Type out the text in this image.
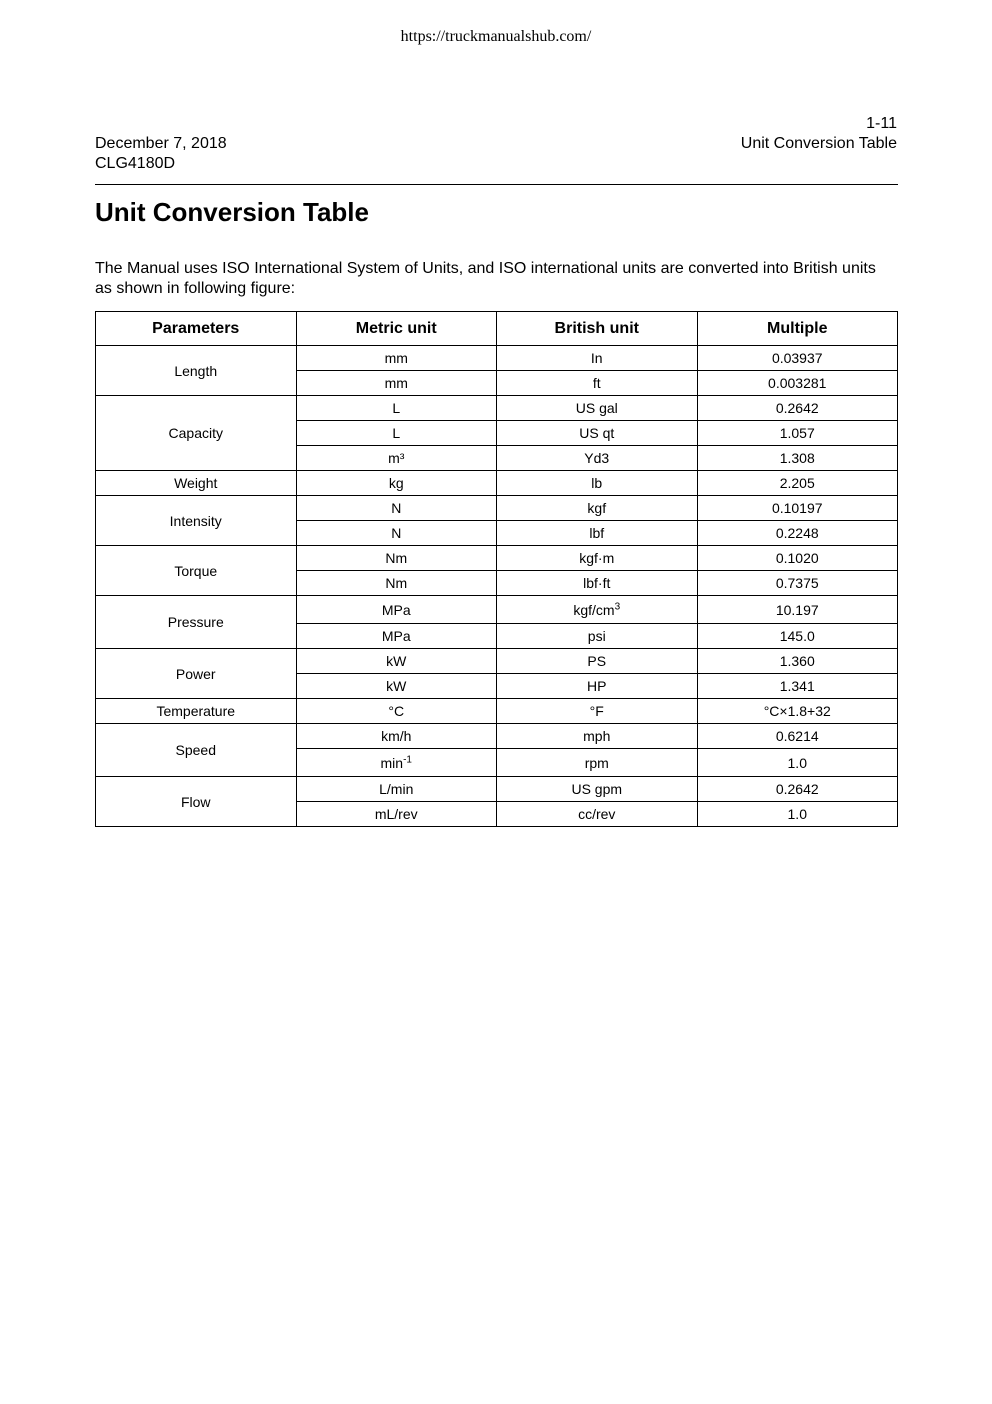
https://truckmanualshub.com/
December 7, 2018
CLG4180D
1-11
Unit Conversion Table
Unit Conversion Table

The Manual uses ISO International System of Units, and ISO international units are converted into British units as shown in following figure:

Parameters	Metric unit	British unit	Multiple
Length	mm	In	0.03937
	mm	ft	0.003281
Capacity	L	US gal	0.2642
	L	US qt	1.057
	m³	Yd3	1.308
Weight	kg	lb	2.205
Intensity	N	kgf	0.10197
	N	lbf	0.2248
Torque	Nm	kgf·m	0.1020
	Nm	lbf·ft	0.7375
Pressure	MPa	kgf/$cm^3$	10.197
	MPa	psi	145.0
Power	kW	PS	1.360
	kW	HP	1.341
Temperature	°C	°F	°C×1.8+32
Speed	km/h	mph	0.6214
	$\min^{-1}$	rpm	1.0
Flow	L/min	US gpm	0.2642
	mL/rev	cc/rev	1.0
